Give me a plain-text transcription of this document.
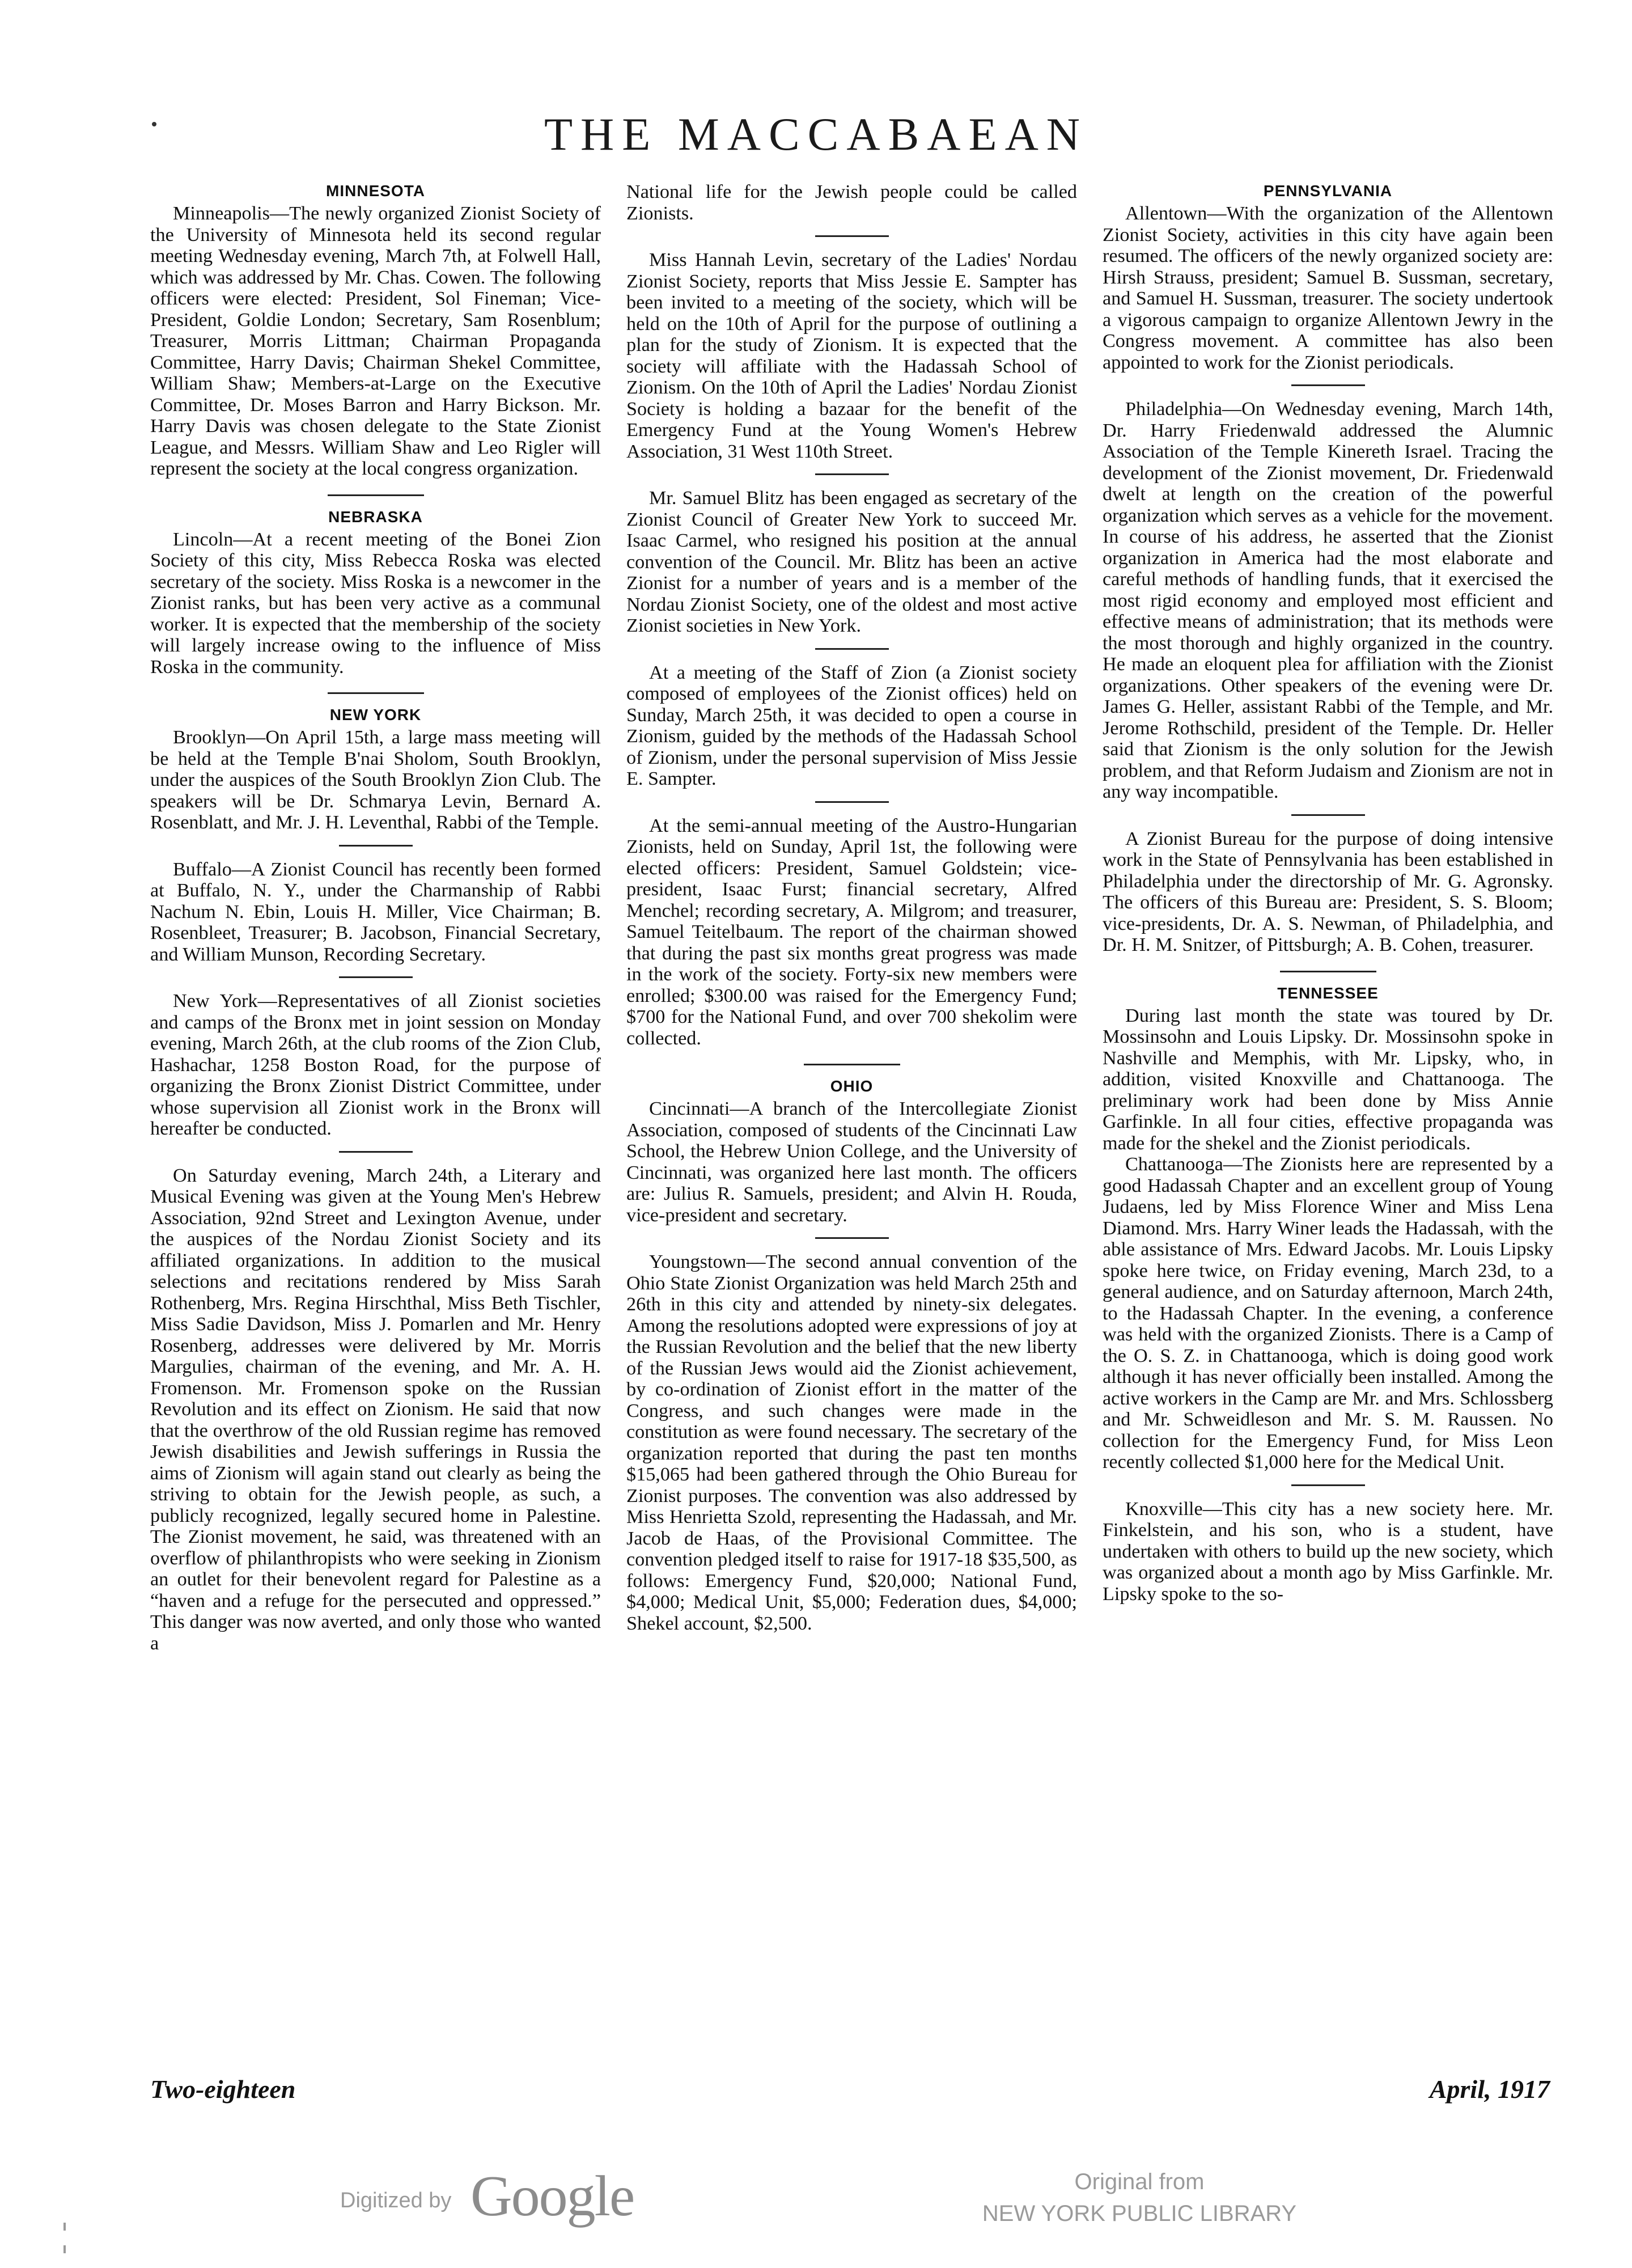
THE MACCABAEAN
MINNESOTA

Minneapolis—The newly organized Zionist Society of the University of Minnesota held its second regular meeting Wednesday evening, March 7th, at Folwell Hall, which was addressed by Mr. Chas. Cowen. The following officers were elected: President, Sol Fineman; Vice-President, Goldie London; Secretary, Sam Rosenblum; Treasurer, Morris Littman; Chairman Propaganda Committee, Harry Davis; Chairman Shekel Committee, William Shaw; Members-at-Large on the Executive Committee, Dr. Moses Barron and Harry Bickson. Mr. Harry Davis was chosen delegate to the State Zionist League, and Messrs. William Shaw and Leo Rigler will represent the society at the local congress organization.

NEBRASKA

Lincoln—At a recent meeting of the Bonei Zion Society of this city, Miss Rebecca Roska was elected secretary of the society. Miss Roska is a newcomer in the Zionist ranks, but has been very active as a communal worker. It is expected that the membership of the society will largely increase owing to the influence of Miss Roska in the community.

NEW YORK

Brooklyn—On April 15th, a large mass meeting will be held at the Temple B'nai Sholom, South Brooklyn, under the auspices of the South Brooklyn Zion Club. The speakers will be Dr. Schmarya Levin, Bernard A. Rosenblatt, and Mr. J. H. Leventhal, Rabbi of the Temple.

Buffalo—A Zionist Council has recently been formed at Buffalo, N. Y., under the Charmanship of Rabbi Nachum N. Ebin, Louis H. Miller, Vice Chairman; B. Rosenbleet, Treasurer; B. Jacobson, Financial Secretary, and William Munson, Recording Secretary.

New York—Representatives of all Zionist societies and camps of the Bronx met in joint session on Monday evening, March 26th, at the club rooms of the Zion Club, Hashachar, 1258 Boston Road, for the purpose of organizing the Bronx Zionist District Committee, under whose supervision all Zionist work in the Bronx will hereafter be conducted.

On Saturday evening, March 24th, a Literary and Musical Evening was given at the Young Men's Hebrew Association, 92nd Street and Lexington Avenue, under the auspices of the Nordau Zionist Society and its affiliated organizations. In addition to the musical selections and recitations rendered by Miss Sarah Rothenberg, Mrs. Regina Hirschthal, Miss Beth Tischler, Miss Sadie Davidson, Miss J. Pomarlen and Mr. Henry Rosenberg, addresses were delivered by Mr. Morris Margulies, chairman of the evening, and Mr. A. H. Fromenson. Mr. Fromenson spoke on the Russian Revolution and its effect on Zionism. He said that now that the overthrow of the old Russian regime has removed Jewish disabilities and Jewish sufferings in Russia the aims of Zionism will again stand out clearly as being the striving to obtain for the Jewish people, as such, a publicly recognized, legally secured home in Palestine. The Zionist movement, he said, was threatened with an overflow of philanthropists who were seeking in Zionism an outlet for their benevolent regard for Palestine as a “haven and a refuge for the persecuted and oppressed.” This danger was now averted, and only those who wanted a

National life for the Jewish people could be called Zionists.

Miss Hannah Levin, secretary of the Ladies' Nordau Zionist Society, reports that Miss Jessie E. Sampter has been invited to a meeting of the society, which will be held on the 10th of April for the purpose of outlining a plan for the study of Zionism. It is expected that the society will affiliate with the Hadassah School of Zionism. On the 10th of April the Ladies' Nordau Zionist Society is holding a bazaar for the benefit of the Emergency Fund at the Young Women's Hebrew Association, 31 West 110th Street.

Mr. Samuel Blitz has been engaged as secretary of the Zionist Council of Greater New York to succeed Mr. Isaac Carmel, who resigned his position at the annual convention of the Council. Mr. Blitz has been an active Zionist for a number of years and is a member of the Nordau Zionist Society, one of the oldest and most active Zionist societies in New York.

At a meeting of the Staff of Zion (a Zionist society composed of employees of the Zionist offices) held on Sunday, March 25th, it was decided to open a course in Zionism, guided by the methods of the Hadassah School of Zionism, under the personal supervision of Miss Jessie E. Sampter.

At the semi-annual meeting of the Austro-Hungarian Zionists, held on Sunday, April 1st, the following were elected officers: President, Samuel Goldstein; vice-president, Isaac Furst; financial secretary, Alfred Menchel; recording secretary, A. Milgrom; and treasurer, Samuel Teitelbaum. The report of the chairman showed that during the past six months great progress was made in the work of the society. Forty-six new members were enrolled; $300.00 was raised for the Emergency Fund; $700 for the National Fund, and over 700 shekolim were collected.

OHIO

Cincinnati—A branch of the Intercollegiate Zionist Association, composed of students of the Cincinnati Law School, the Hebrew Union College, and the University of Cincinnati, was organized here last month. The officers are: Julius R. Samuels, president; and Alvin H. Rouda, vice-president and secretary.

Youngstown—The second annual convention of the Ohio State Zionist Organization was held March 25th and 26th in this city and attended by ninety-six delegates. Among the resolutions adopted were expressions of joy at the Russian Revolution and the belief that the new liberty of the Russian Jews would aid the Zionist achievement, by co-ordination of Zionist effort in the matter of the Congress, and such changes were made in the constitution as were found necessary. The secretary of the organization reported that during the past ten months $15,065 had been gathered through the Ohio Bureau for Zionist purposes. The convention was also addressed by Miss Henrietta Szold, representing the Hadassah, and Mr. Jacob de Haas, of the Provisional Committee. The convention pledged itself to raise for 1917-18 $35,500, as follows: Emergency Fund, $20,000; National Fund, $4,000; Medical Unit, $5,000; Federation dues, $4,000; Shekel account, $2,500.

PENNSYLVANIA

Allentown—With the organization of the Allentown Zionist Society, activities in this city have again been resumed. The officers of the newly organized society are: Hirsh Strauss, president; Samuel B. Sussman, secretary, and Samuel H. Sussman, treasurer. The society undertook a vigorous campaign to organize Allentown Jewry in the Congress movement. A committee has also been appointed to work for the Zionist periodicals.

Philadelphia—On Wednesday evening, March 14th, Dr. Harry Friedenwald addressed the Alumnic Association of the Temple Kinereth Israel. Tracing the development of the Zionist movement, Dr. Friedenwald dwelt at length on the creation of the powerful organization which serves as a vehicle for the movement. In course of his address, he asserted that the Zionist organization in America had the most elaborate and careful methods of handling funds, that it exercised the most rigid economy and employed most efficient and effective means of administration; that its methods were the most thorough and highly organized in the country. He made an eloquent plea for affiliation with the Zionist organizations. Other speakers of the evening were Dr. James G. Heller, assistant Rabbi of the Temple, and Mr. Jerome Rothschild, president of the Temple. Dr. Heller said that Zionism is the only solution for the Jewish problem, and that Reform Judaism and Zionism are not in any way incompatible.

A Zionist Bureau for the purpose of doing intensive work in the State of Pennsylvania has been established in Philadelphia under the directorship of Mr. G. Agronsky. The officers of this Bureau are: President, S. S. Bloom; vice-presidents, Dr. A. S. Newman, of Philadelphia, and Dr. H. M. Snitzer, of Pittsburgh; A. B. Cohen, treasurer.

TENNESSEE

During last month the state was toured by Dr. Mossinsohn and Louis Lipsky. Dr. Mossinsohn spoke in Nashville and Memphis, with Mr. Lipsky, who, in addition, visited Knoxville and Chattanooga. The preliminary work had been done by Miss Annie Garfinkle. In all four cities, effective propaganda was made for the shekel and the Zionist periodicals.

Chattanooga—The Zionists here are represented by a good Hadassah Chapter and an excellent group of Young Judaens, led by Miss Florence Winer and Miss Lena Diamond. Mrs. Harry Winer leads the Hadassah, with the able assistance of Mrs. Edward Jacobs. Mr. Louis Lipsky spoke here twice, on Friday evening, March 23d, to a general audience, and on Saturday afternoon, March 24th, to the Hadassah Chapter. In the evening, a conference was held with the organized Zionists. There is a Camp of the O. S. Z. in Chattanooga, which is doing good work although it has never officially been installed. Among the active workers in the Camp are Mr. and Mrs. Schlossberg and Mr. Schweidleson and Mr. S. M. Raussen. No collection for the Emergency Fund, for Miss Leon recently collected $1,000 here for the Medical Unit.

Knoxville—This city has a new society here. Mr. Finkelstein, and his son, who is a student, have undertaken with others to build up the new society, which was organized about a month ago by Miss Garfinkle. Mr. Lipsky spoke to the so-

Two-eighteen	April, 1917
Digitized by Google	Original from
NEW YORK PUBLIC LIBRARY
